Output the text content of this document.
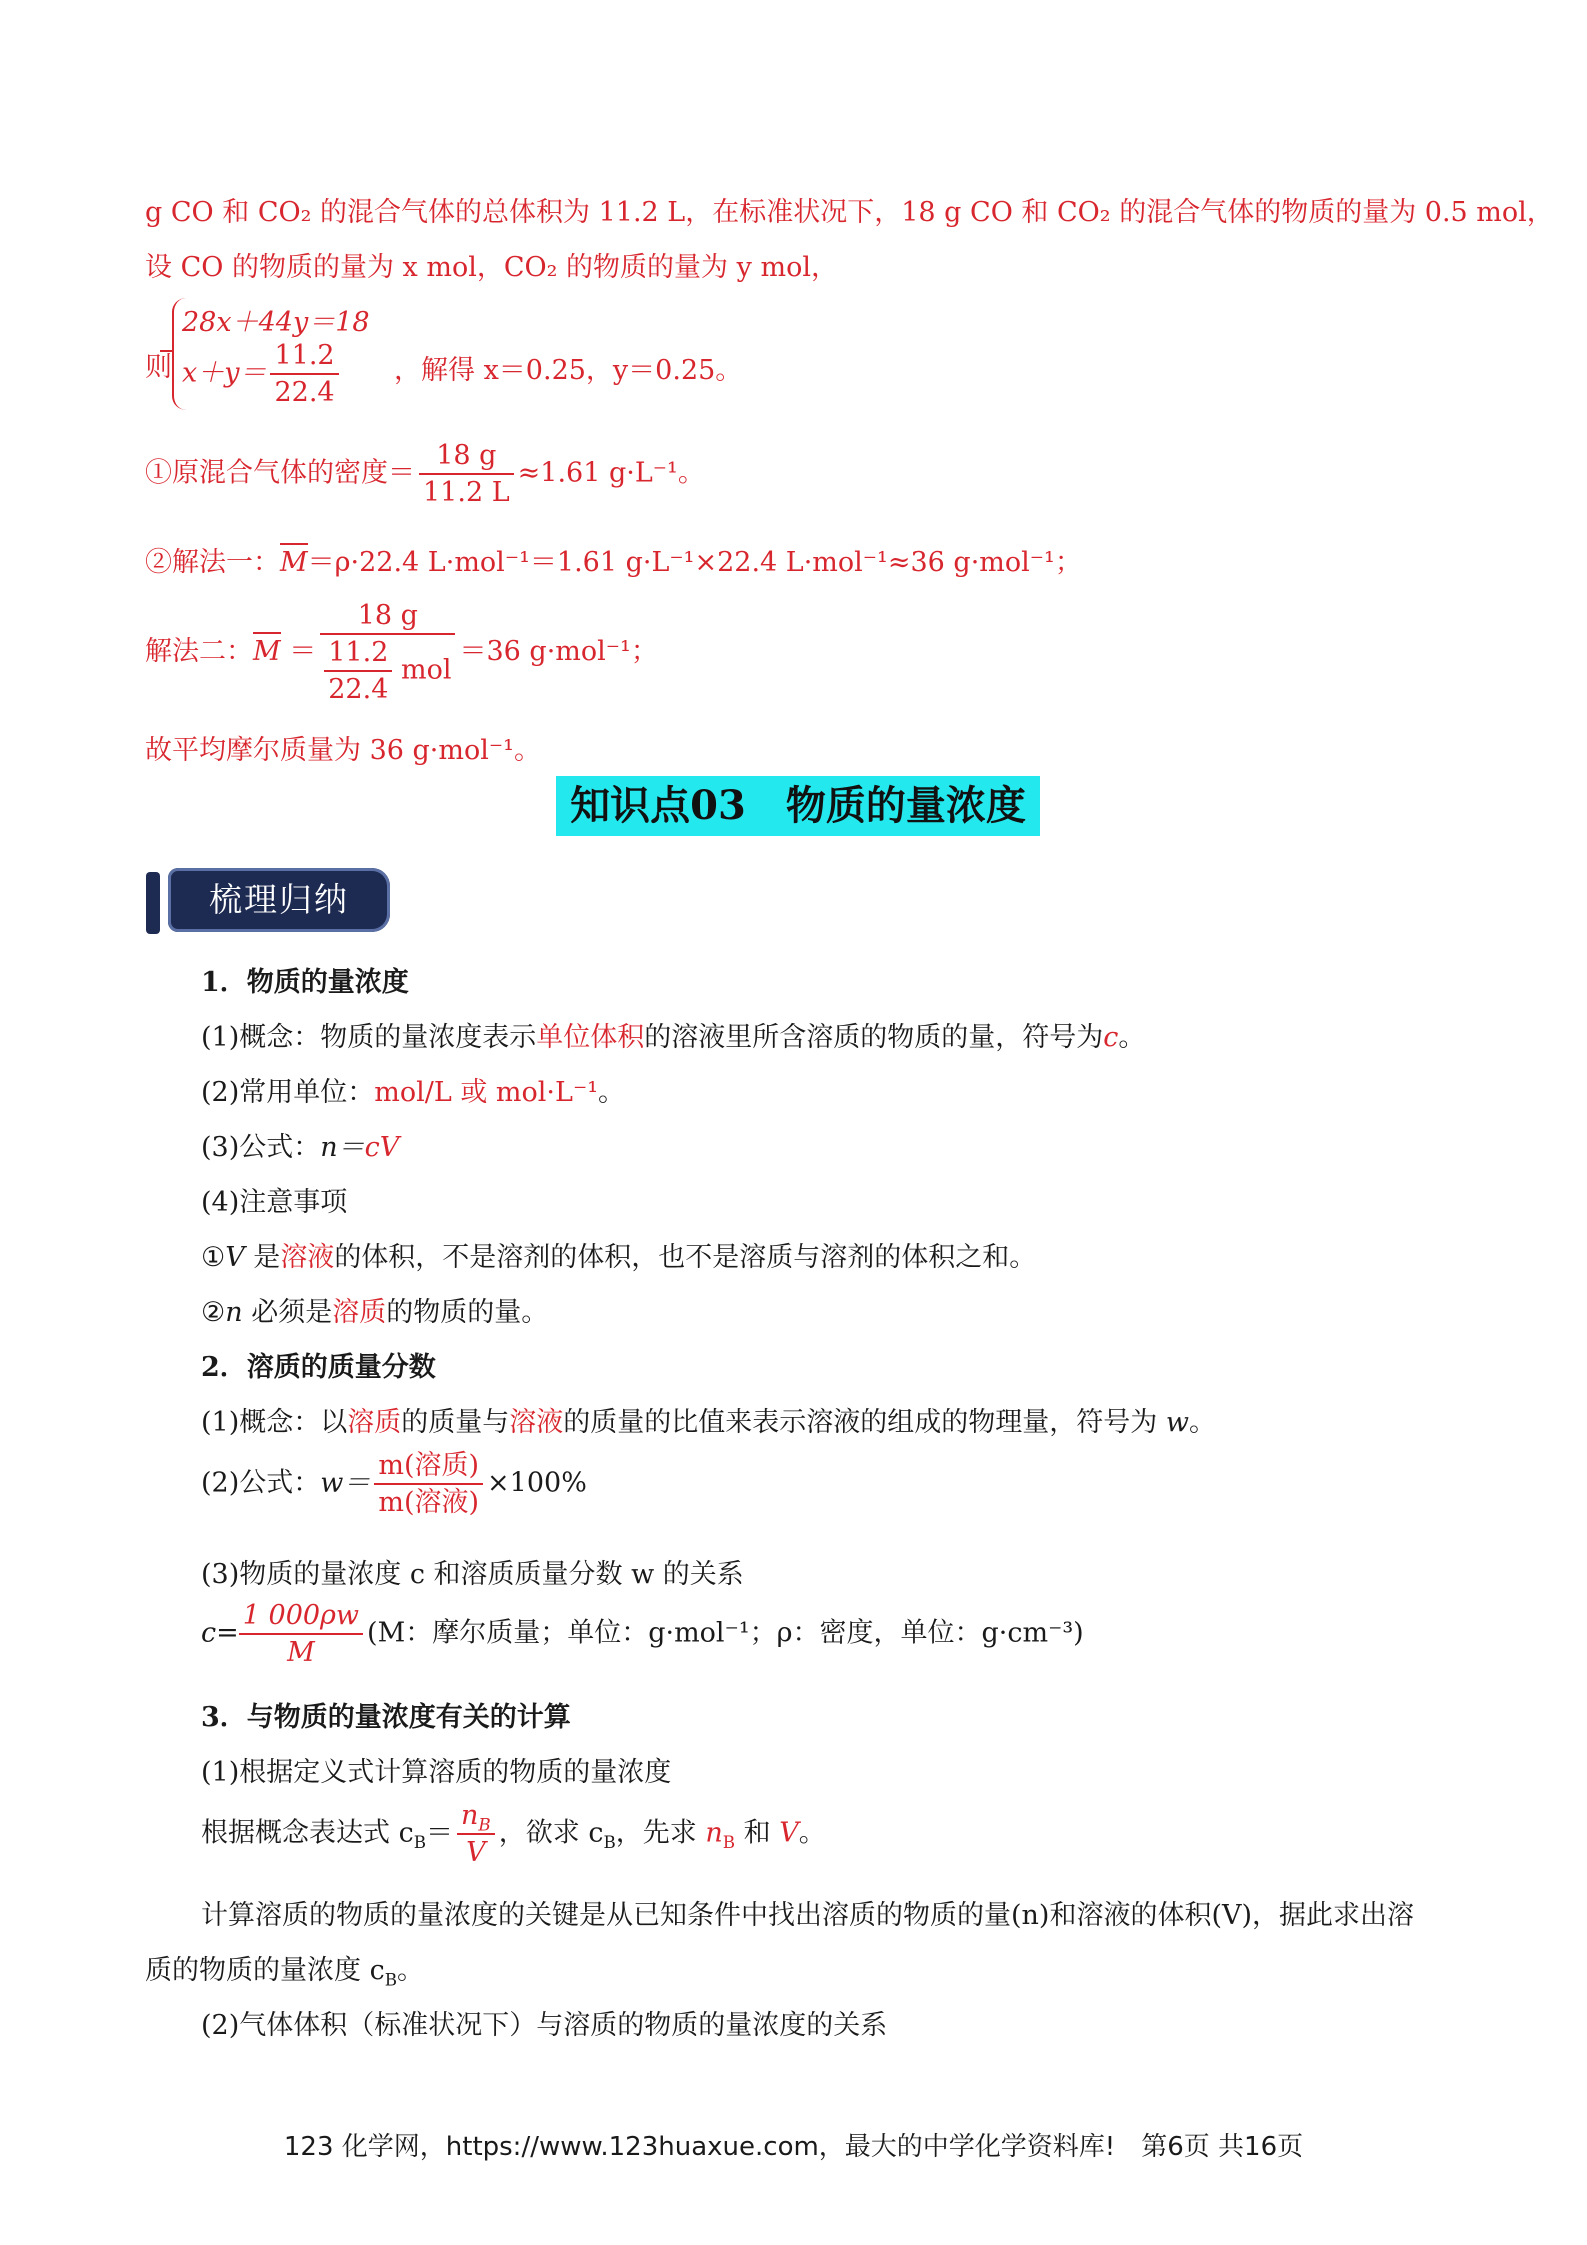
g CO 和 CO₂ 的混合气体的总体积为 11.2 L，在标准状况下，18 g CO 和 CO₂ 的混合气体的物质的量为 0.5 mol，
设 CO 的物质的量为 x mol，CO₂ 的物质的量为 y mol，
则
28x＋44y＝18
$x+y= \frac{11.2}{22.4}$ ，解得 x＝0.25，y＝0.25。
①原混合气体的密度＝ $\frac{18 g}{11.2 L} \approx 1.61$ g·L⁻¹。
②解法一：M＝ρ·22.4 L·mol⁻¹＝1.61 g·L⁻¹×22.4 L·mol⁻¹≈36 g·mol⁻¹；
解法二：$M = \frac{18 g}{\frac{11.2}{22.4} mol} =36$ g·mol⁻¹；
故平均摩尔质量为 36 g·mol⁻¹。
知识点03　物质的量浓度
梳理归纳
1．物质的量浓度
(1)概念：物质的量浓度表示单位体积的溶液里所含溶质的物质的量，符号为c。
(2)常用单位：mol/L 或 mol·L⁻¹。
(3)公式：n＝cV
(4)注意事项
①V 是溶液的体积，不是溶剂的体积，也不是溶质与溶剂的体积之和。
②n 必须是溶质的物质的量。
2．溶质的质量分数
(1)概念：以溶质的质量与溶液的质量的比值来表示溶液的组成的物理量，符号为 w。
(2)公式：$w= \frac{\text{m(溶质)}}{\text{m(溶液)}} \times 100\%$
(3)物质的量浓度 c 和溶质质量分数 w 的关系
$c= \frac{1 000\rho w}{M} (M$：摩尔质量；单位：g·mol⁻¹；ρ：密度，单位：g·cm⁻³)
3．与物质的量浓度有关的计算
(1)根据定义式计算溶质的物质的量浓度
根据概念表达式 $c_B= \frac{n_B}{V}$ ，欲求 $c_B$，先求 $n_B$ 和 V。
计算溶质的物质的量浓度的关键是从已知条件中找出溶质的物质的量(n)和溶液的体积(V)，据此求出溶
质的物质的量浓度 $c_B$。
(2)气体体积（标准状况下）与溶质的物质的量浓度的关系
123 化学网，https://www.123huaxue.com，最大的中学化学资料库!　第6页 共16页
